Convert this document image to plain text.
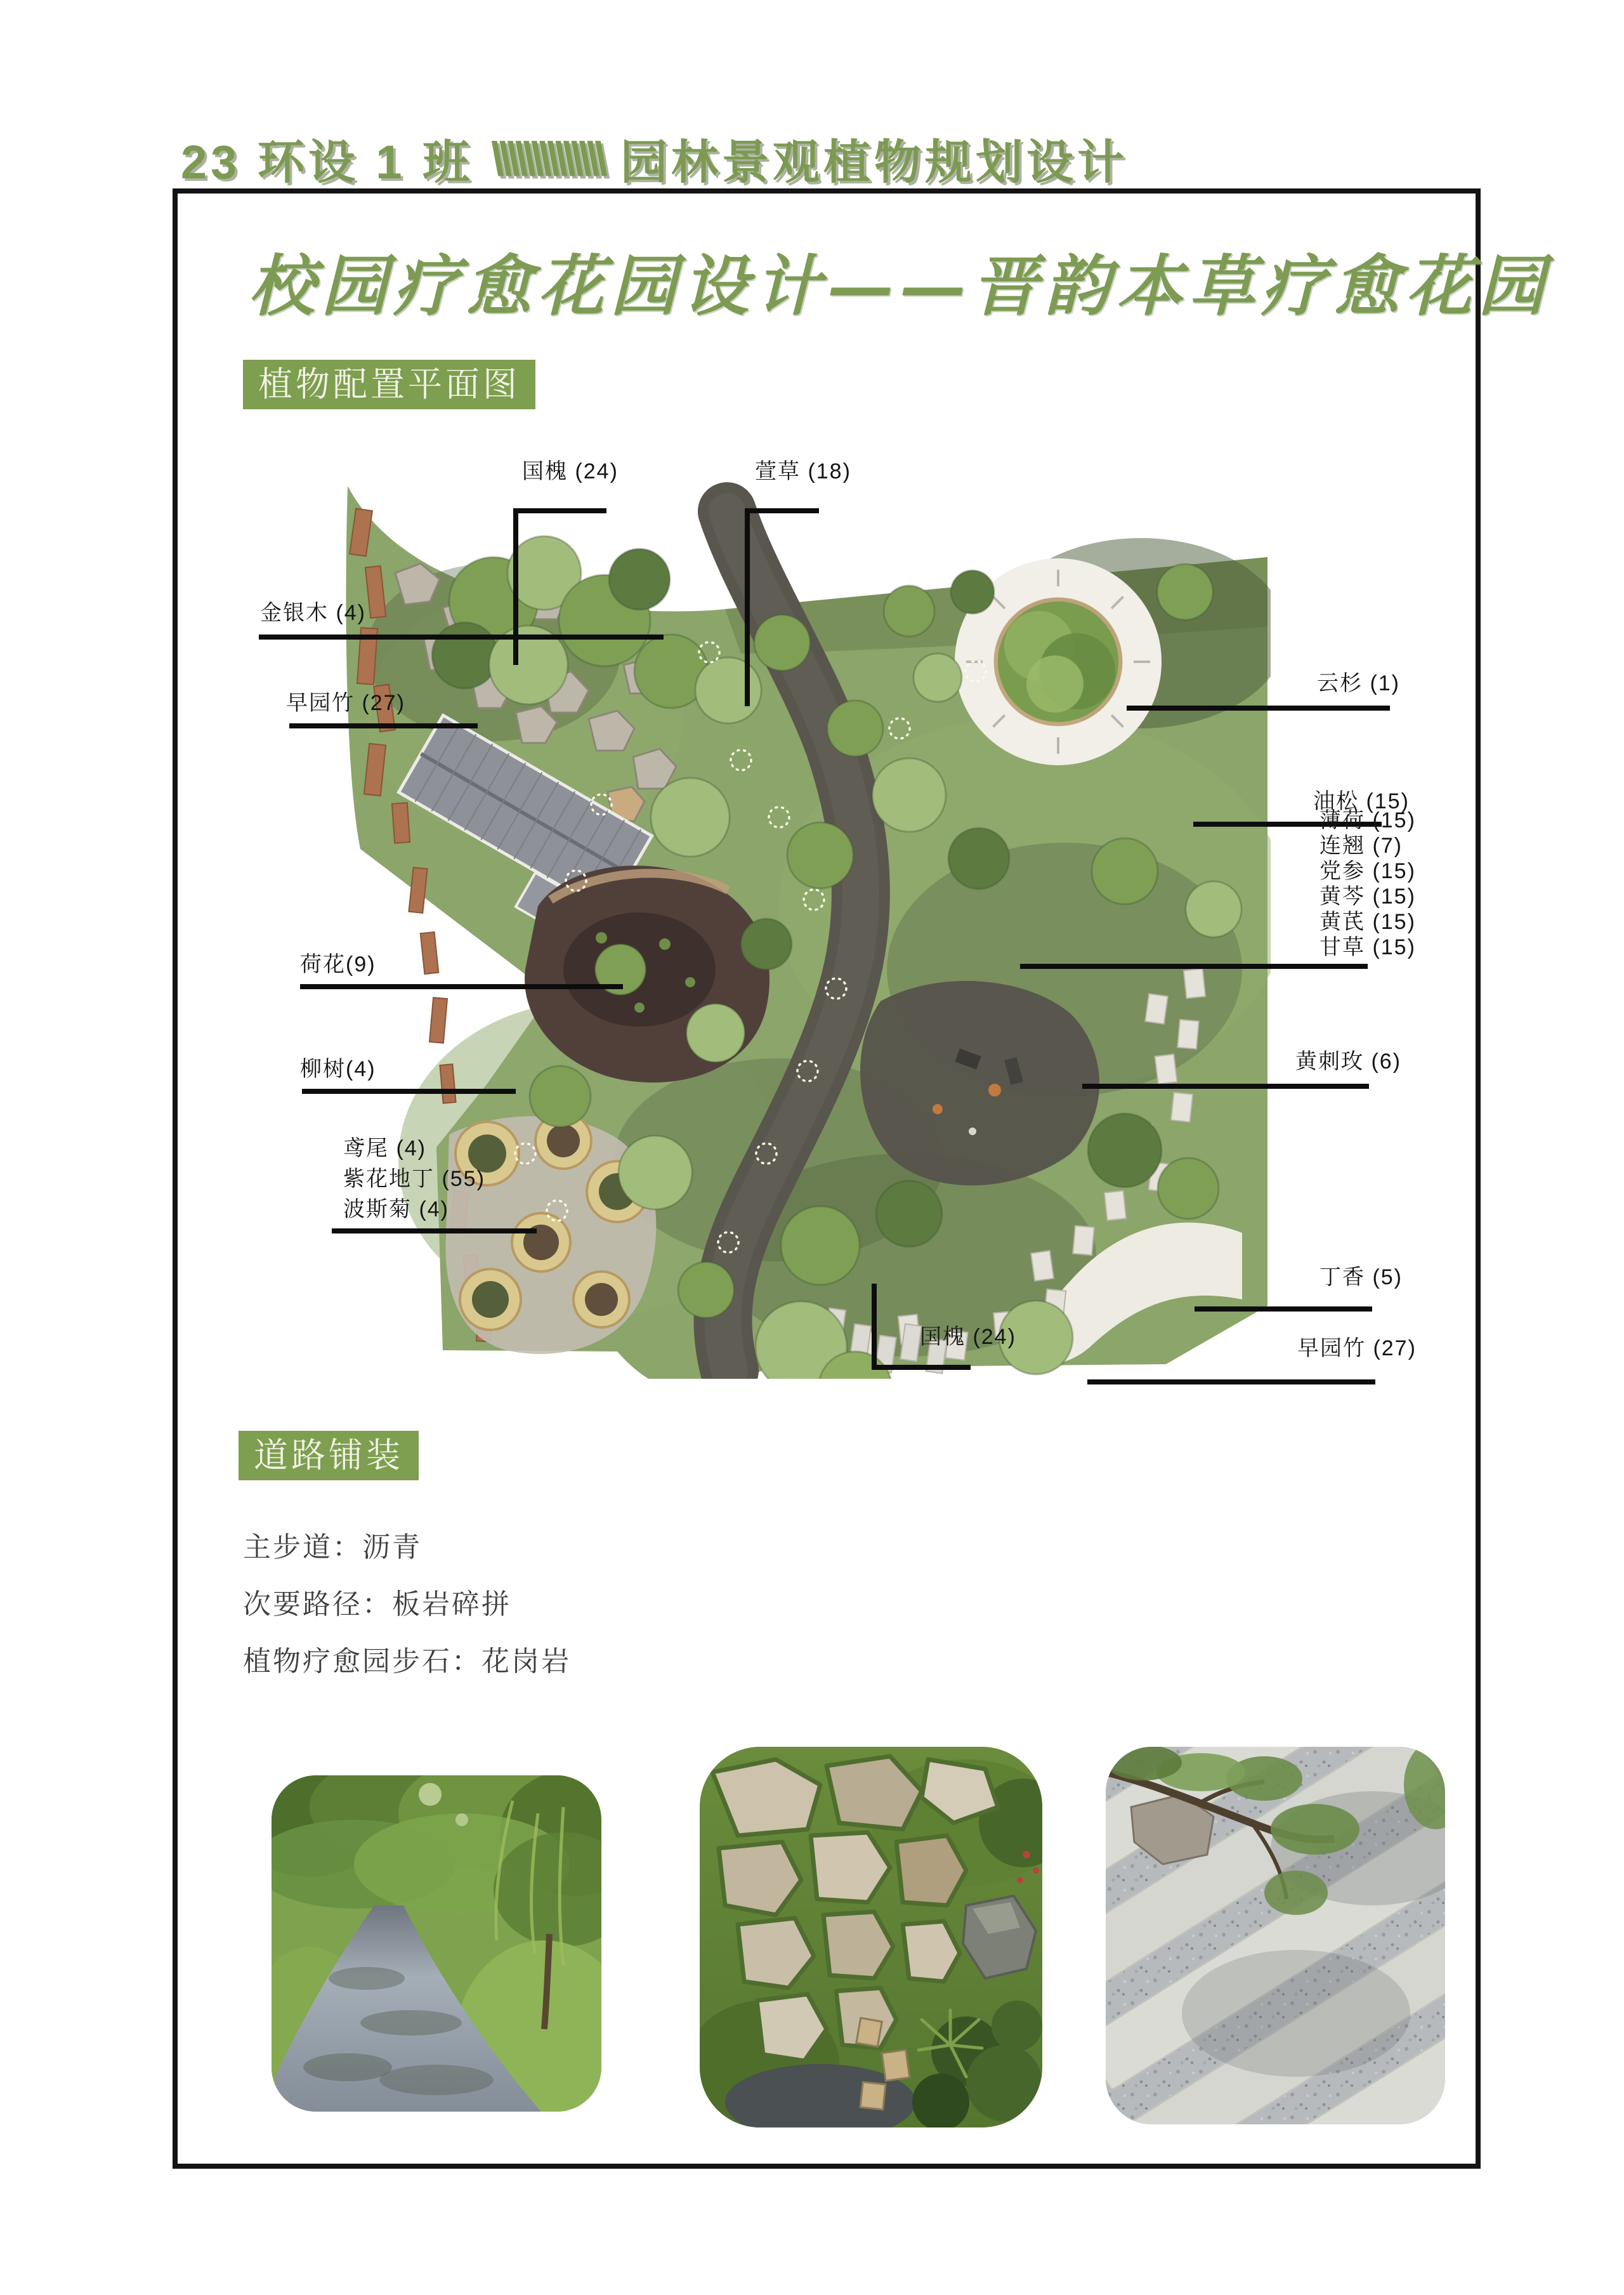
23 环设 1 班 \\\\\\\\\\\\\\ 园林景观植物规划设计
校园疗愈花园设计——晋韵本草疗愈花园
植物配置平面图
国槐 (24)	萱草 (18)
金银木 (4)
早园竹 (27)
云杉 (1)
油松 (15)
薄荷 (15)
连翘 (7)
党参 (15)
黄芩 (15)
黄芪 (15)
甘草 (15)
荷花(9)
柳树(4)	黄刺玫 (6)
鸢尾 (4)
紫花地丁 (55)
波斯菊 (4)
丁香 (5)
早园竹 (27)
国槐 (24)
道路铺装
主步道：沥青
次要路径：板岩碎拼
植物疗愈园步石：花岗岩
